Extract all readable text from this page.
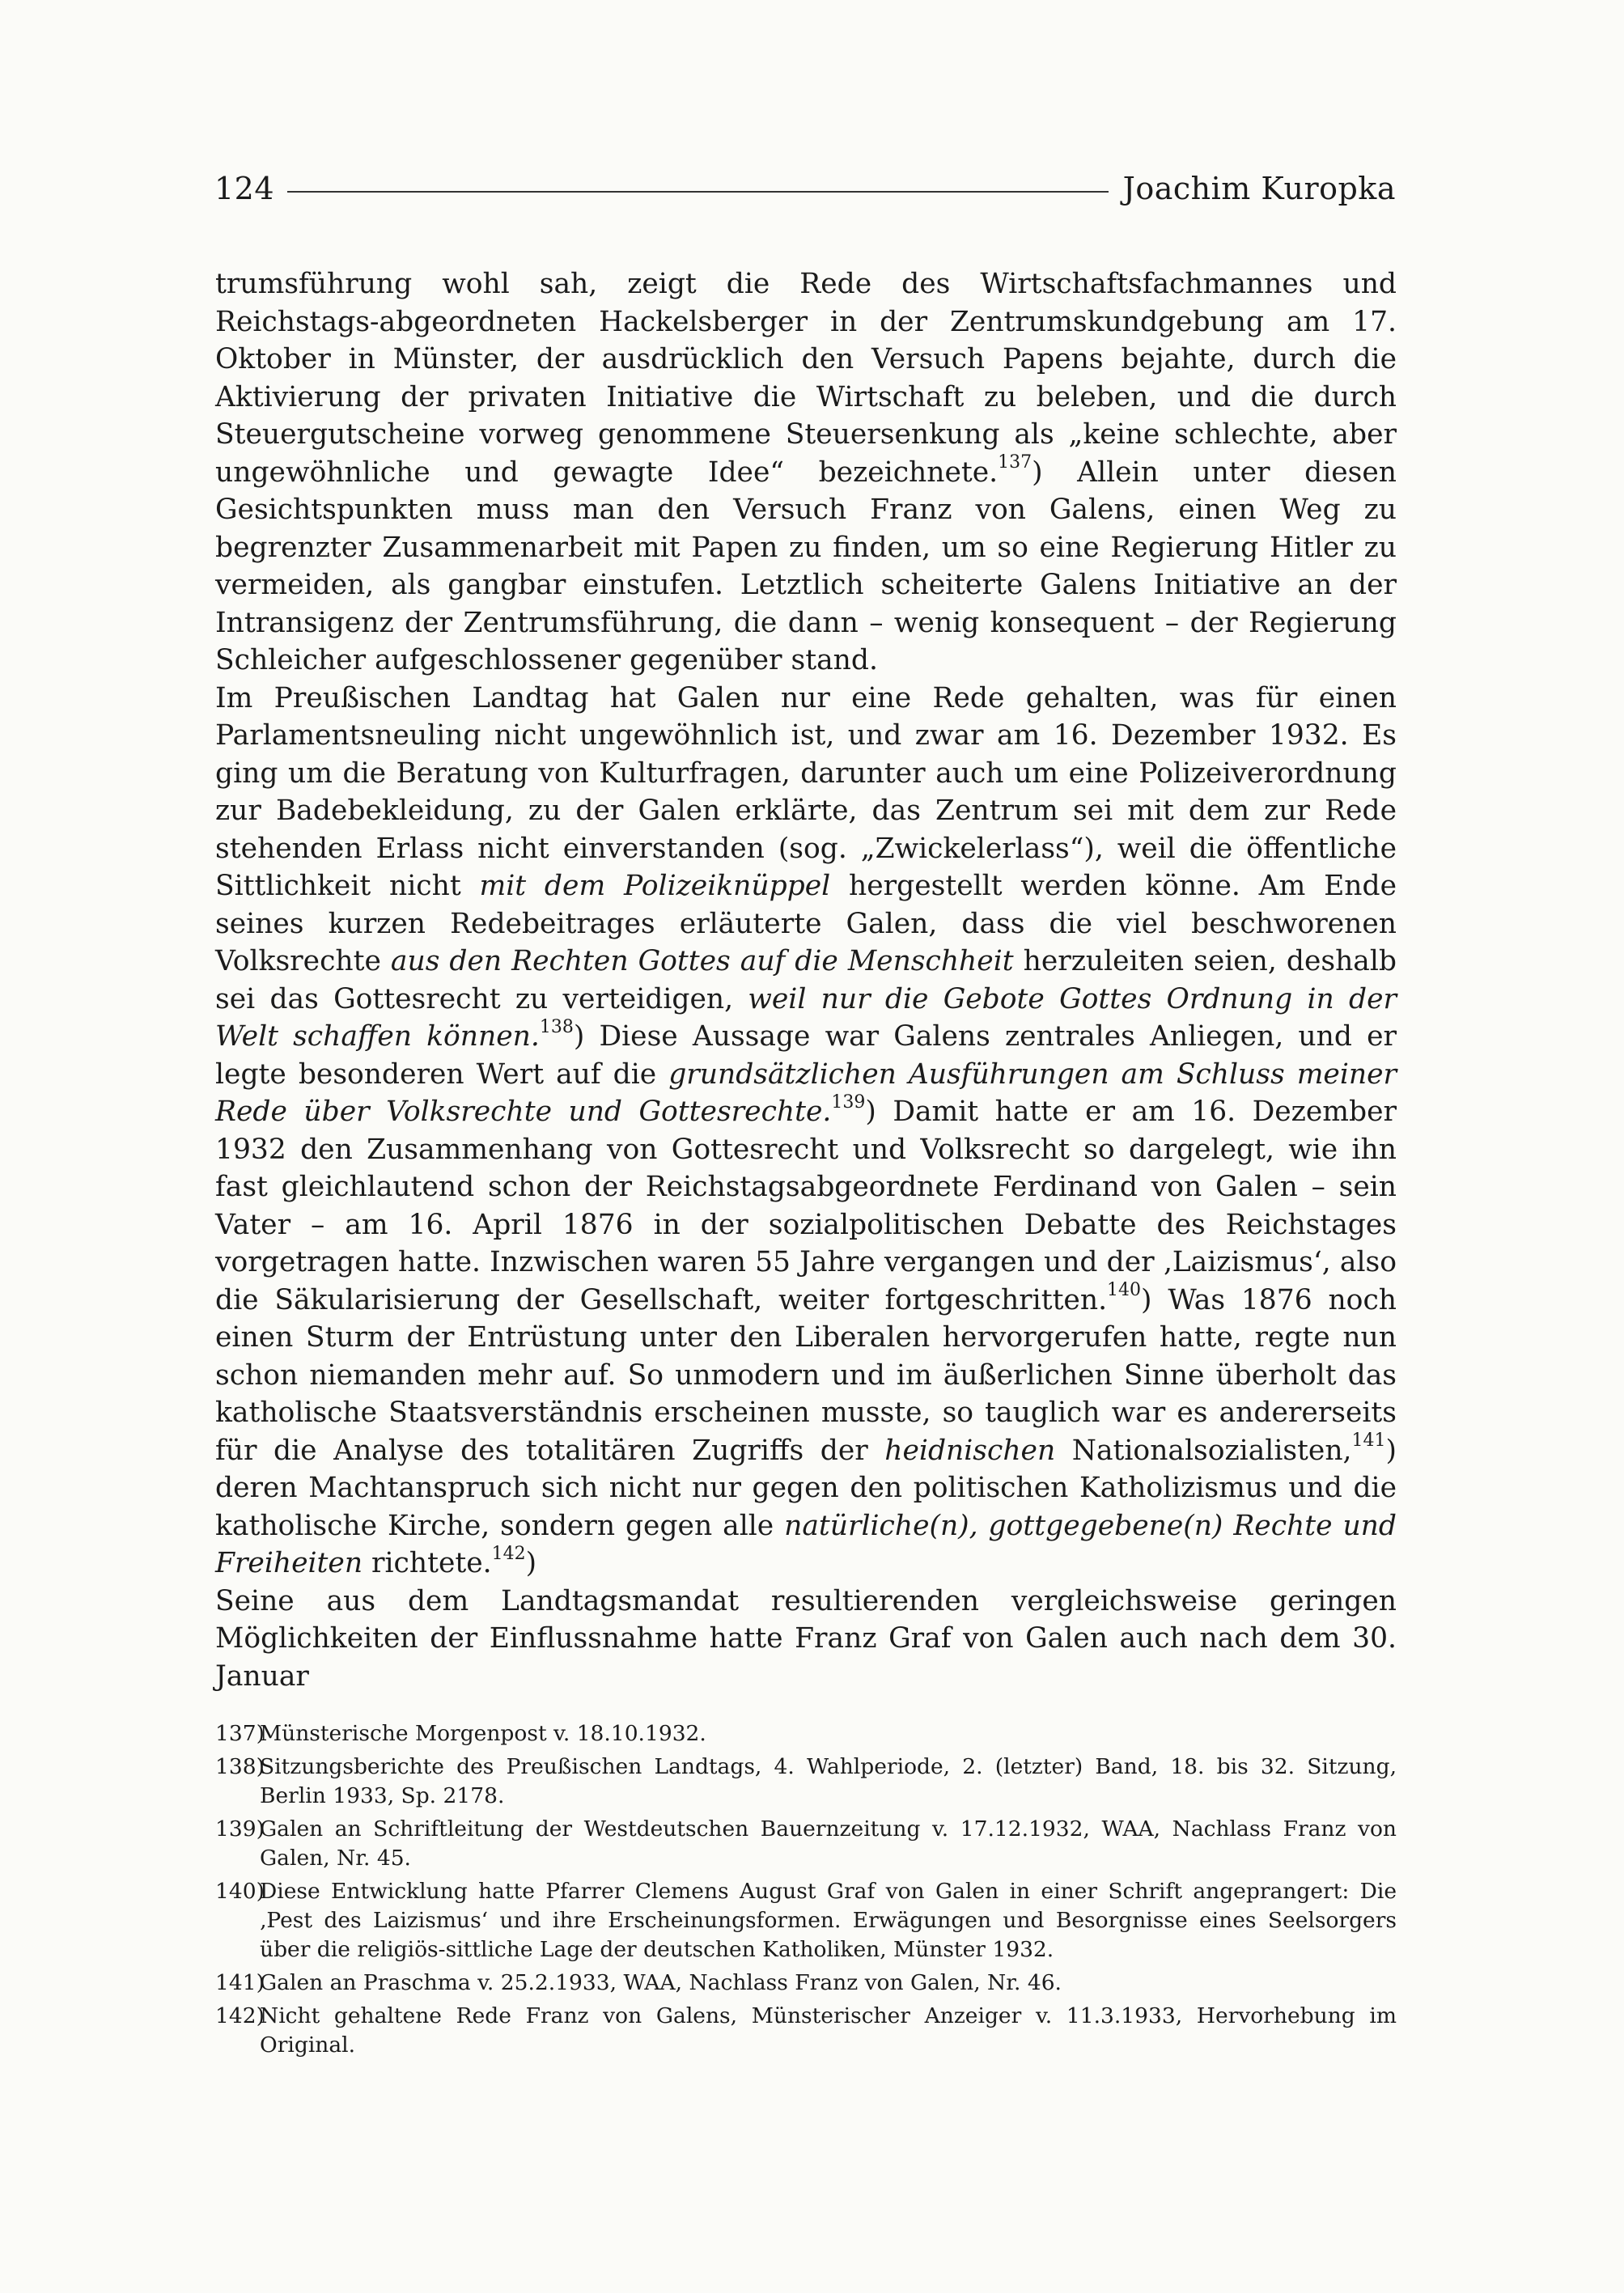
124	Joachim Kuropka

trumsführung wohl sah, zeigt die Rede des Wirtschaftsfachmannes und Reichstags-abgeordneten Hackelsberger in der Zentrumskundgebung am 17. Oktober in Münster, der ausdrücklich den Versuch Papens bejahte, durch die Aktivierung der privaten Initiative die Wirtschaft zu beleben, und die durch Steuergutscheine vorweg genommene Steuersenkung als „keine schlechte, aber ungewöhnliche und gewagte Idee“ bezeichnete.$^{137}$) Allein unter diesen Gesichtspunkten muss man den Versuch Franz von Galens, einen Weg zu begrenzter Zusammenarbeit mit Papen zu finden, um so eine Regierung Hitler zu vermeiden, als gangbar einstufen. Letztlich scheiterte Galens Initiative an der Intransigenz der Zentrumsführung, die dann – wenig konsequent – der Regierung Schleicher aufgeschlossener gegenüber stand.

Im Preußischen Landtag hat Galen nur eine Rede gehalten, was für einen Parlamentsneuling nicht ungewöhnlich ist, und zwar am 16. Dezember 1932. Es ging um die Beratung von Kulturfragen, darunter auch um eine Polizeiverordnung zur Badebekleidung, zu der Galen erklärte, das Zentrum sei mit dem zur Rede stehenden Erlass nicht einverstanden (sog. „Zwickelerlass“), weil die öffentliche Sittlichkeit nicht mit dem Polizeiknüppel hergestellt werden könne. Am Ende seines kurzen Redebeitrages erläuterte Galen, dass die viel beschworenen Volksrechte aus den Rechten Gottes auf die Menschheit herzuleiten seien, deshalb sei das Gottesrecht zu verteidigen, weil nur die Gebote Gottes Ordnung in der Welt schaffen können.$^{138}$) Diese Aussage war Galens zentrales Anliegen, und er legte besonderen Wert auf die grundsätzlichen Ausführungen am Schluss meiner Rede über Volksrechte und Gottesrechte.$^{139}$) Damit hatte er am 16. Dezember 1932 den Zusammenhang von Gottesrecht und Volksrecht so dargelegt, wie ihn fast gleichlautend schon der Reichstagsabgeordnete Ferdinand von Galen – sein Vater – am 16. April 1876 in der sozialpolitischen Debatte des Reichstages vorgetragen hatte. Inzwischen waren 55 Jahre vergangen und der ‚Laizismus‘, also die Säkularisierung der Gesellschaft, weiter fortgeschritten.$^{140}$) Was 1876 noch einen Sturm der Entrüstung unter den Liberalen hervorgerufen hatte, regte nun schon niemanden mehr auf. So unmodern und im äußerlichen Sinne überholt das katholische Staatsverständnis erscheinen musste, so tauglich war es andererseits für die Analyse des totalitären Zugriffs der heidnischen Nationalsozialisten,$^{141}$) deren Machtanspruch sich nicht nur gegen den politischen Katholizismus und die katholische Kirche, sondern gegen alle natürliche(n), gottgegebene(n) Rechte und Freiheiten richtete.$^{142}$)

Seine aus dem Landtagsmandat resultierenden vergleichsweise geringen Möglichkeiten der Einflussnahme hatte Franz Graf von Galen auch nach dem 30. Januar

137)
Münsterische Morgenpost v. 18.10.1932.
138)
Sitzungsberichte des Preußischen Landtags, 4. Wahlperiode, 2. (letzter) Band, 18. bis 32. Sitzung, Berlin 1933, Sp. 2178.
139)
Galen an Schriftleitung der Westdeutschen Bauernzeitung v. 17.12.1932, WAA, Nachlass Franz von Galen, Nr. 45.
140)
Diese Entwicklung hatte Pfarrer Clemens August Graf von Galen in einer Schrift angeprangert: Die ‚Pest des Laizismus‘ und ihre Erscheinungsformen. Erwägungen und Besorgnisse eines Seelsorgers über die religiös-sittliche Lage der deutschen Katholiken, Münster 1932.
141)
Galen an Praschma v. 25.2.1933, WAA, Nachlass Franz von Galen, Nr. 46.
142)
Nicht gehaltene Rede Franz von Galens, Münsterischer Anzeiger v. 11.3.1933, Hervorhebung im Original.
